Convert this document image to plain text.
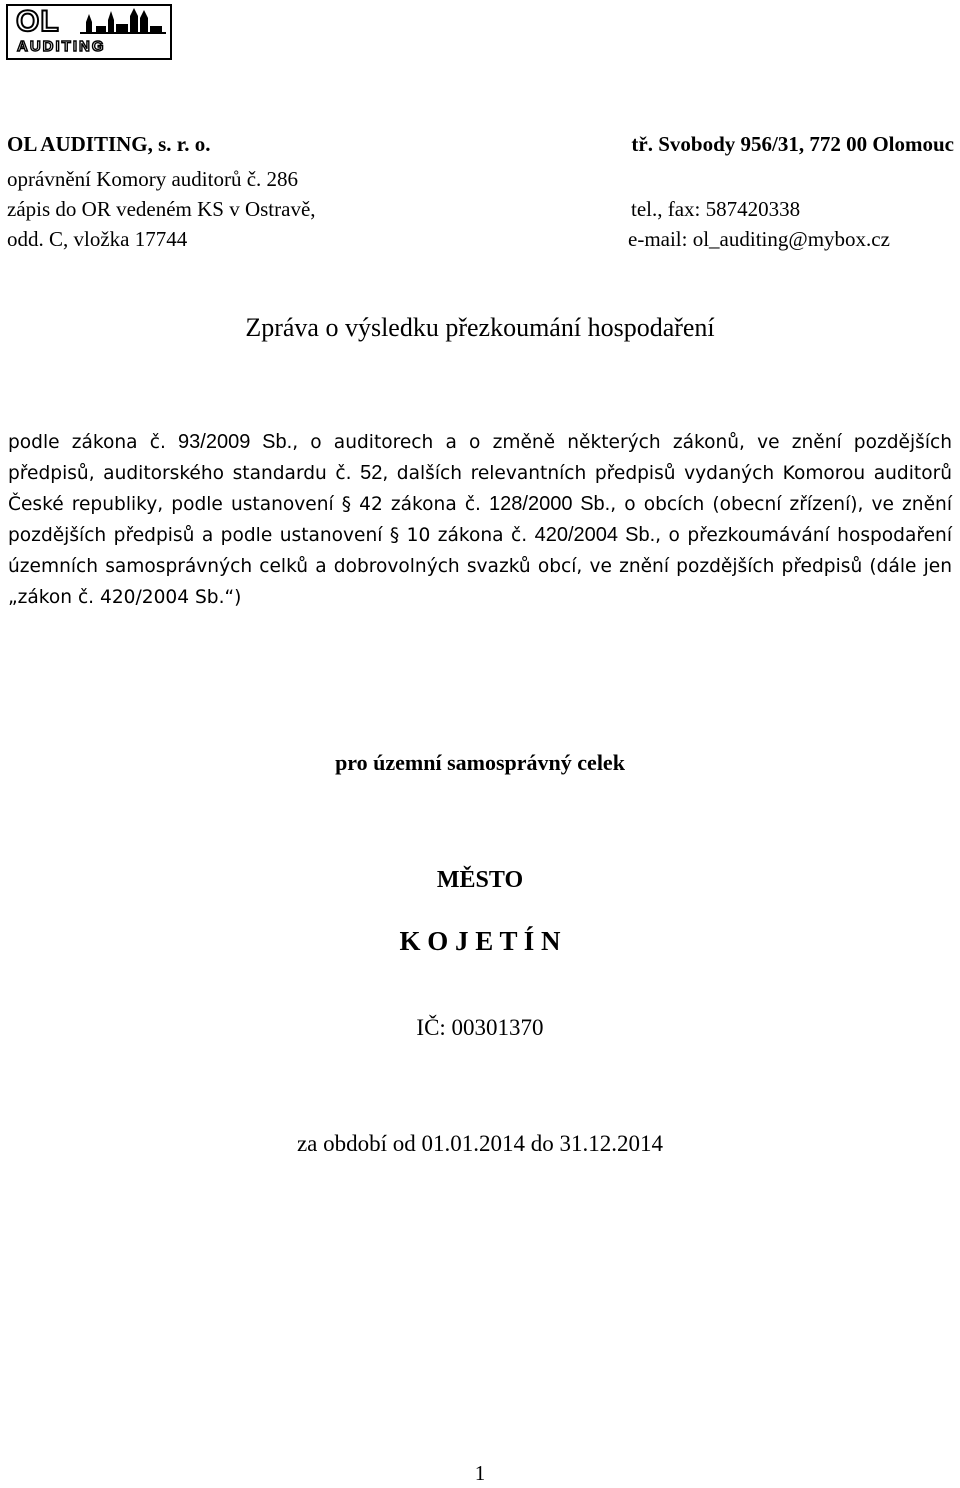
OL
AUDITING
OL AUDITING, s. r. o.	tř. Svobody 956/31, 772 00 Olomouc
oprávnění Komory auditorů č. 286
zápis do OR vedeném KS v Ostravě,	tel., fax: 587420338
odd. C, vložka 17744	e-mail: ol_auditing@mybox.cz
Zpráva o výsledku přezkoumání hospodaření
podle zákona č. 93/2009 Sb., o auditorech a o změně některých zákonů, ve znění pozdějších předpisů, auditorského standardu č. 52, dalších relevantních předpisů vydaných Komorou auditorů České republiky, podle ustanovení § 42 zákona č. 128/2000 Sb., o obcích (obecní zřízení), ve znění pozdějších předpisů a podle ustanovení § 10 zákona č. 420/2004 Sb., o přezkoumávání hospodaření územních samosprávných celků a dobrovolných svazků obcí, ve znění pozdějších předpisů (dále jen „zákon č. 420/2004 Sb.“)
pro územní samosprávný celek
MĚSTO
K O J E T Í N
IČ: 00301370
za období od 01.01.2014 do 31.12.2014
1
